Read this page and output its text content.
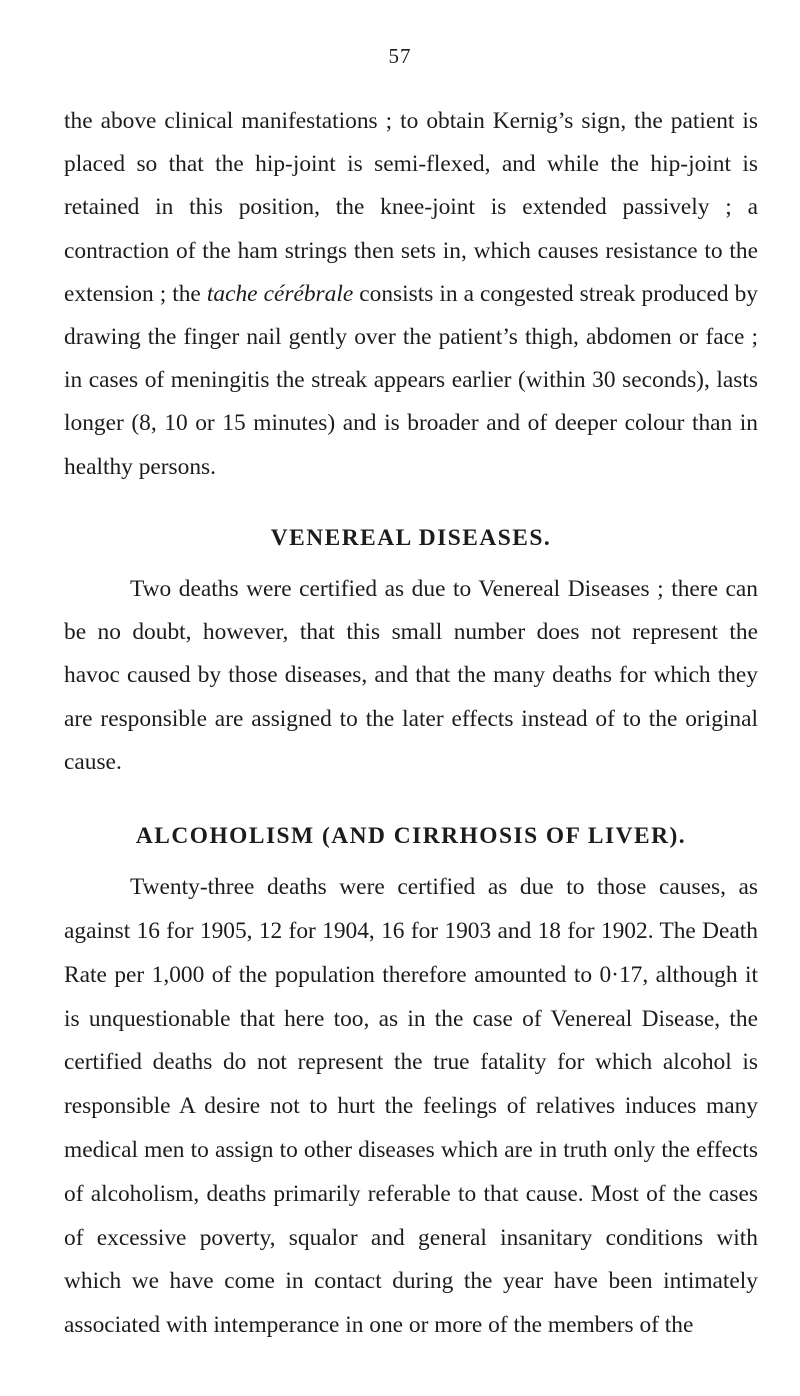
57

the above clinical manifestations ; to obtain Kernig’s sign, the patient is placed so that the hip-joint is semi-flexed, and while the hip-joint is retained in this position, the knee-joint is extended passively ; a contraction of the ham strings then sets in, which causes resistance to the extension ; the tache cérébrale consists in a congested streak produced by drawing the finger nail gently over the patient’s thigh, abdomen or face ; in cases of meningitis the streak appears earlier (within 30 seconds), lasts longer (8, 10 or 15 minutes) and is broader and of deeper colour than in healthy persons.

VENEREAL DISEASES.

Two deaths were certified as due to Venereal Diseases ; there can be no doubt, however, that this small number does not represent the havoc caused by those diseases, and that the many deaths for which they are responsible are assigned to the later effects instead of to the original cause.

ALCOHOLISM (AND CIRRHOSIS OF LIVER).

Twenty-three deaths were certified as due to those causes, as against 16 for 1905, 12 for 1904, 16 for 1903 and 18 for 1902. The Death Rate per 1,000 of the population therefore amounted to 0·17, although it is unquestionable that here too, as in the case of Venereal Disease, the certified deaths do not represent the true fatality for which alcohol is responsible A desire not to hurt the feelings of relatives induces many medical men to assign to other diseases which are in truth only the effects of alcoholism, deaths primarily referable to that cause. Most of the cases of excessive poverty, squalor and general insanitary conditions with which we have come in contact during the year have been intimately associated with intemperance in one or more of the members of the
